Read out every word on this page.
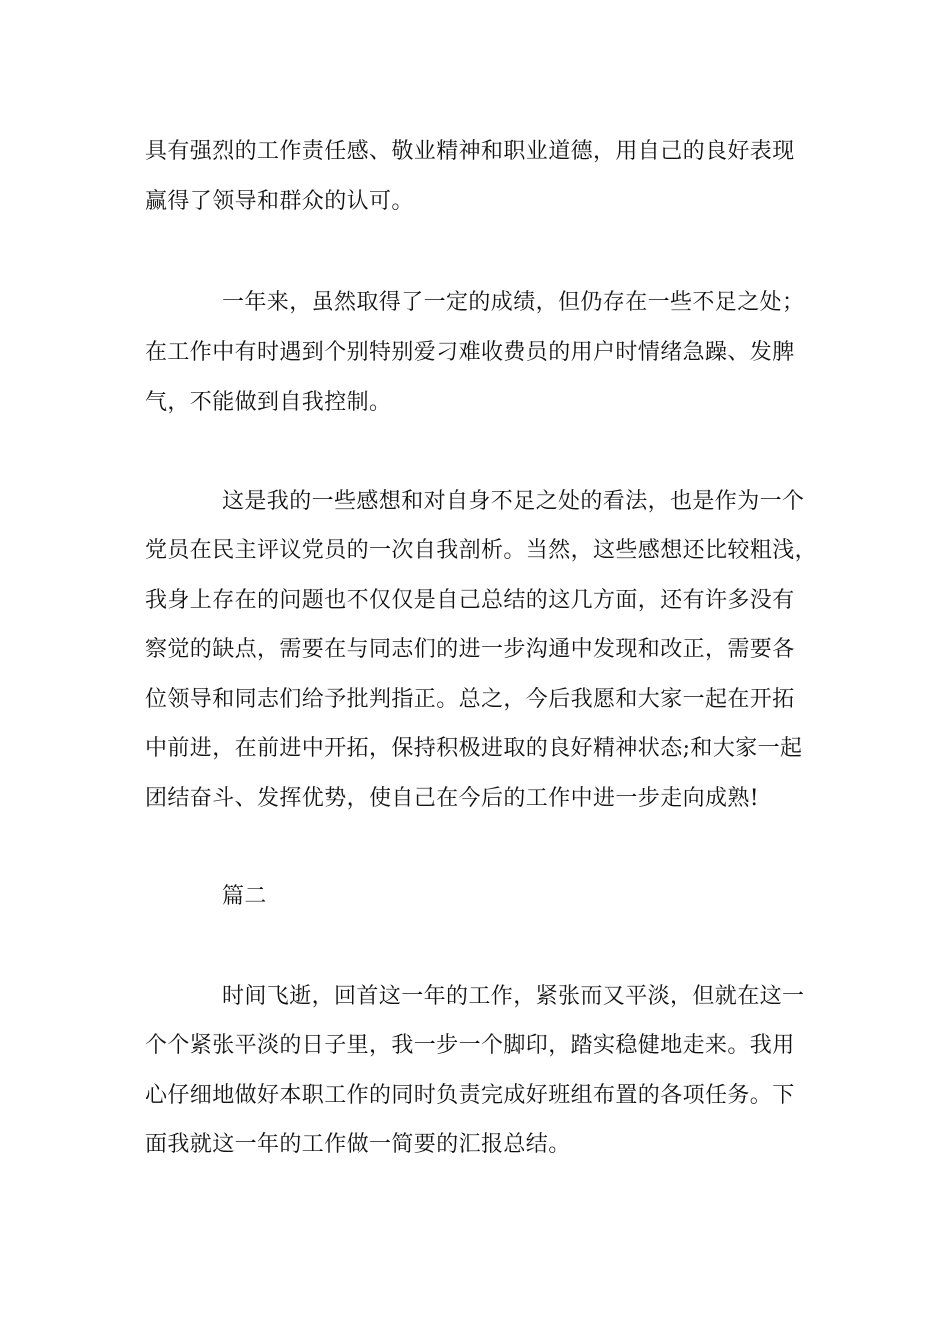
具有强烈的工作责任感、敬业精神和职业道德，用自己的良好表现
赢得了领导和群众的认可。
一年来，虽然取得了一定的成绩，但仍存在一些不足之处；
在工作中有时遇到个别特别爱刁难收费员的用户时情绪急躁、发脾
气，不能做到自我控制。
这是我的一些感想和对自身不足之处的看法，也是作为一个
党员在民主评议党员的一次自我剖析。当然，这些感想还比较粗浅，
我身上存在的问题也不仅仅是自己总结的这几方面，还有许多没有
察觉的缺点，需要在与同志们的进一步沟通中发现和改正，需要各
位领导和同志们给予批判指正。总之，今后我愿和大家一起在开拓
中前进，在前进中开拓，保持积极进取的良好精神状态;和大家一起
团结奋斗、发挥优势，使自己在今后的工作中进一步走向成熟!
篇二
时间飞逝，回首这一年的工作，紧张而又平淡，但就在这一
个个紧张平淡的日子里，我一步一个脚印，踏实稳健地走来。我用
心仔细地做好本职工作的同时负责完成好班组布置的各项任务。下
面我就这一年的工作做一简要的汇报总结。
